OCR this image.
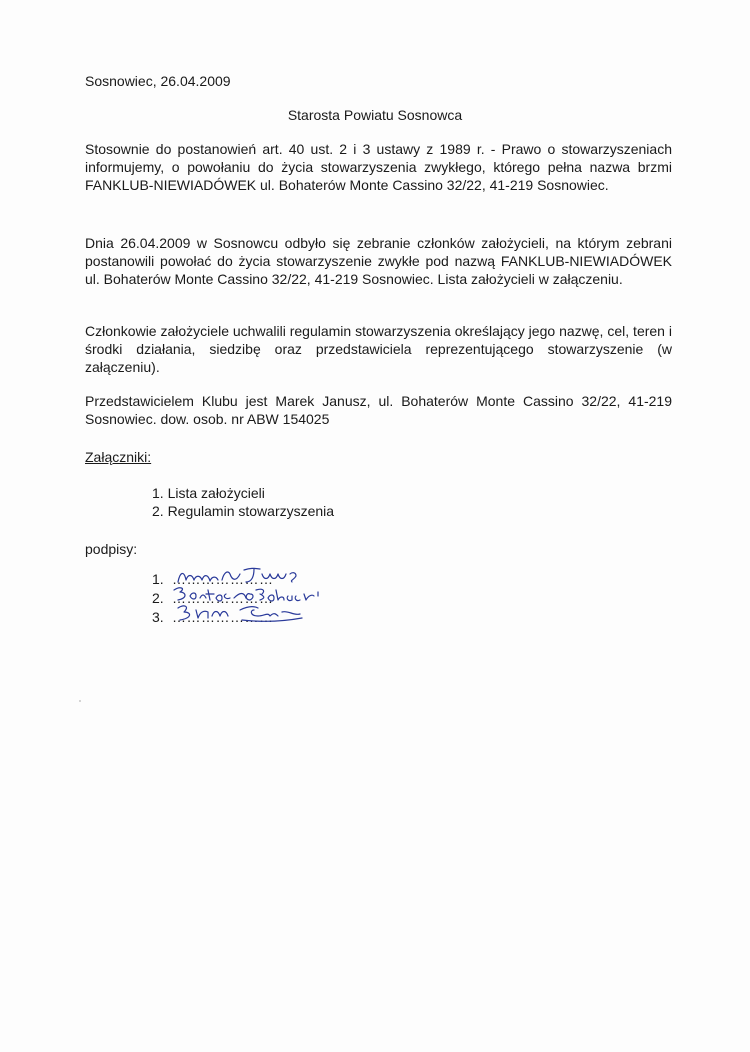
Sosnowiec, 26.04.2009
Starosta Powiatu Sosnowca
Stosownie do postanowień art. 40 ust. 2 i 3 ustawy z 1989 r. - Prawo o stowarzyszeniach informujemy, o powołaniu do życia stowarzyszenia zwykłego, którego pełna nazwa brzmi FANKLUB-NIEWIADÓWEK ul. Bohaterów Monte Cassino 32/22, 41-219 Sosnowiec.
Dnia 26.04.2009 w Sosnowcu odbyło się zebranie członków założycieli, na którym zebrani postanowili powołać do życia stowarzyszenie zwykłe pod nazwą FANKLUB-NIEWIADÓWEK ul. Bohaterów Monte Cassino 32/22, 41-219 Sosnowiec. Lista założycieli w załączeniu.
Członkowie założyciele uchwalili regulamin stowarzyszenia określający jego nazwę, cel, teren i środki działania, siedzibę oraz przedstawiciela reprezentującego stowarzyszenie (w załączeniu).
Przedstawicielem Klubu jest Marek Janusz, ul. Bohaterów Monte Cassino 32/22, 41-219 Sosnowiec. dow. osob. nr ABW 154025
Załączniki:
1. Lista założycieli
2. Regulamin stowarzyszenia
podpisy:
1. …………………
2. …………………
3. …………………
